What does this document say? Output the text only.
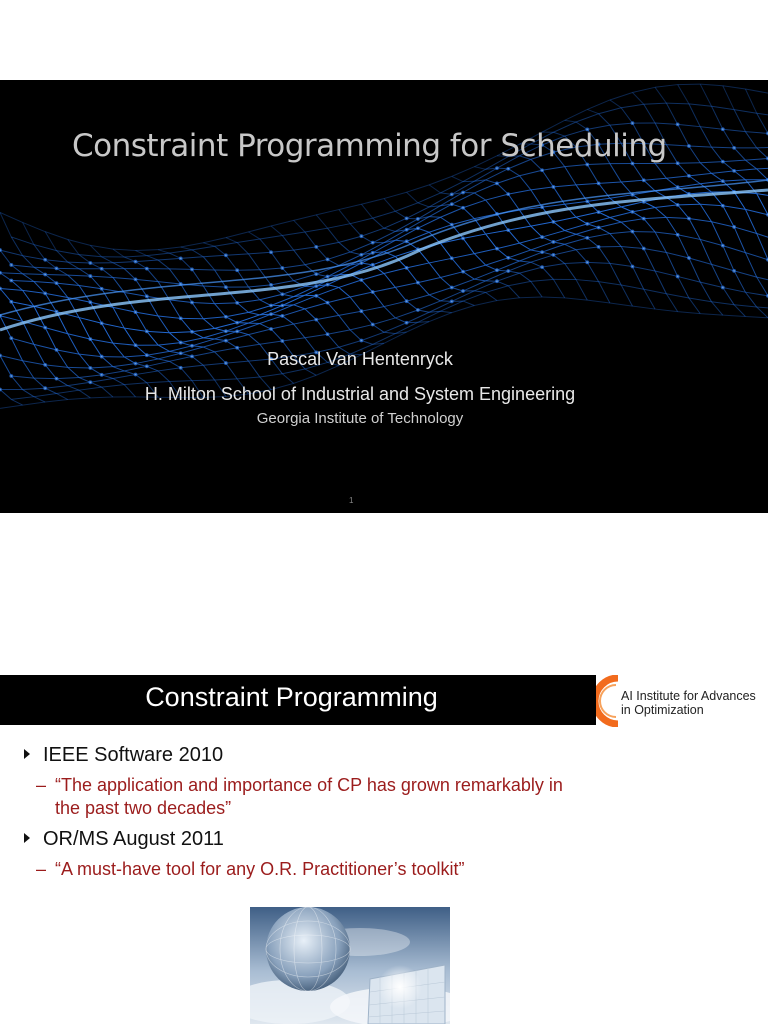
Constraint Programming for Scheduling
Pascal Van Hentenryck
H. Milton School of Industrial and System Engineering
Georgia Institute of Technology
1
Constraint Programming	AI Institute for Advances
in Optimization
IEEE Software 2010
– “The application and importance of CP has grown remarkably in
the past two decades”
OR/MS August 2011
– “A must-have tool for any O.R. Practitioner’s toolkit”
